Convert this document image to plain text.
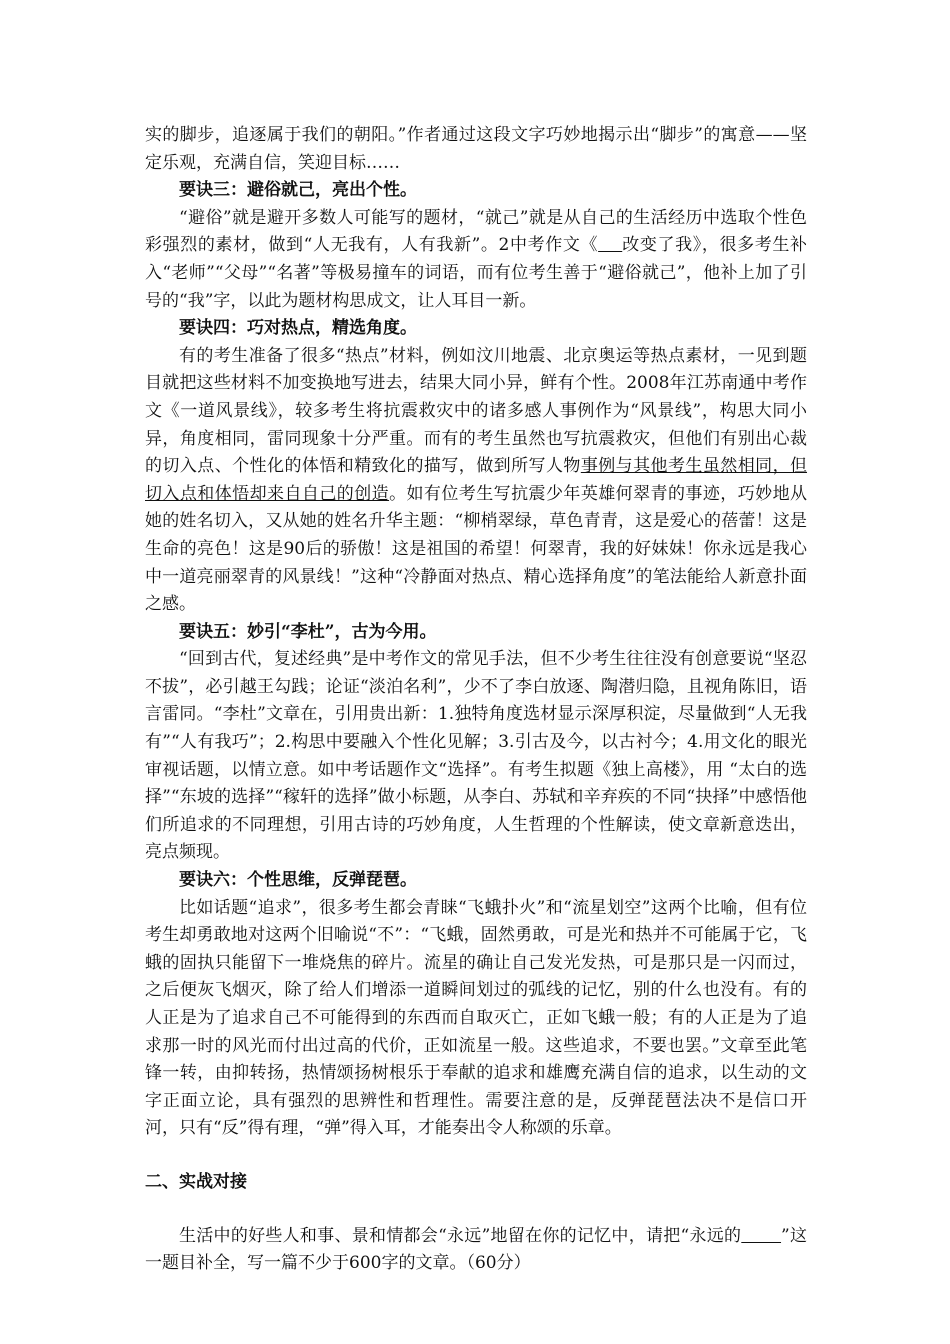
实的脚步，追逐属于我们的朝阳。”作者通过这段文字巧妙地揭示出“脚步”的寓意——坚定乐观，充满自信，笑迎目标……

要诀三：避俗就己，亮出个性。

“避俗”就是避开多数人可能写的题材，“就己”就是从自己的生活经历中选取个性色彩强烈的素材，做到“人无我有，人有我新”。2中考作文《 改变了我》，很多考生补入“老师”“父母”“名著”等极易撞车的词语，而有位考生善于“避俗就己”，他补上加了引号的“我”字，以此为题材构思成文，让人耳目一新。

要诀四：巧对热点，精选角度。

有的考生准备了很多“热点”材料，例如汶川地震、北京奥运等热点素材，一见到题目就把这些材料不加变换地写进去，结果大同小异，鲜有个性。2008年江苏南通中考作文《一道风景线》，较多考生将抗震救灾中的诸多感人事例作为“风景线”，构思大同小异，角度相同，雷同现象十分严重。而有的考生虽然也写抗震救灾，但他们有别出心裁的切入点、个性化的体悟和精致化的描写，做到所写人物事例与其他考生虽然相同，但切入点和体悟却来自自己的创造。如有位考生写抗震少年英雄何翠青的事迹，巧妙地从她的姓名切入，又从她的姓名升华主题：“柳梢翠绿，草色青青，这是爱心的蓓蕾！这是生命的亮色！这是90后的骄傲！这是祖国的希望！何翠青，我的好妹妹！你永远是我心中一道亮丽翠青的风景线！”这种“冷静面对热点、精心选择角度”的笔法能给人新意扑面之感。

要诀五：妙引“李杜”，古为今用。

“回到古代，复述经典”是中考作文的常见手法，但不少考生往往没有创意要说“坚忍不拔”，必引越王勾践；论证“淡泊名利”，少不了李白放逐、陶潜归隐，且视角陈旧，语言雷同。“李杜”文章在，引用贵出新：1.独特角度选材显示深厚积淀，尽量做到“人无我有”“人有我巧”；2.构思中要融入个性化见解；3.引古及今，以古衬今；4.用文化的眼光审视话题，以情立意。如中考话题作文“选择”。有考生拟题《独上高楼》，用 “太白的选择”“东坡的选择”“稼轩的选择”做小标题，从李白、苏轼和辛弃疾的不同“抉择”中感悟他们所追求的不同理想，引用古诗的巧妙角度，人生哲理的个性解读，使文章新意迭出，亮点频现。

要诀六：个性思维，反弹琵琶。

比如话题“追求”，很多考生都会青睐“飞蛾扑火”和“流星划空”这两个比喻，但有位考生却勇敢地对这两个旧喻说“不”：“飞蛾，固然勇敢，可是光和热并不可能属于它，飞蛾的固执只能留下一堆烧焦的碎片。流星的确让自己发光发热，可是那只是一闪而过，之后便灰飞烟灭，除了给人们增添一道瞬间划过的弧线的记忆，别的什么也没有。有的人正是为了追求自己不可能得到的东西而自取灭亡，正如飞蛾一般；有的人正是为了追求那一时的风光而付出过高的代价，正如流星一般。这些追求，不要也罢。”文章至此笔锋一转，由抑转扬，热情颂扬树根乐于奉献的追求和雄鹰充满自信的追求，以生动的文字正面立论，具有强烈的思辨性和哲理性。需要注意的是，反弹琵琶法决不是信口开河，只有“反”得有理，“弹”得入耳，才能奏出令人称颂的乐章。

二、实战对接

生活中的好些人和事、景和情都会“永远”地留在你的记忆中，请把“永远的 ”这一题目补全，写一篇不少于600字的文章。（60分）
